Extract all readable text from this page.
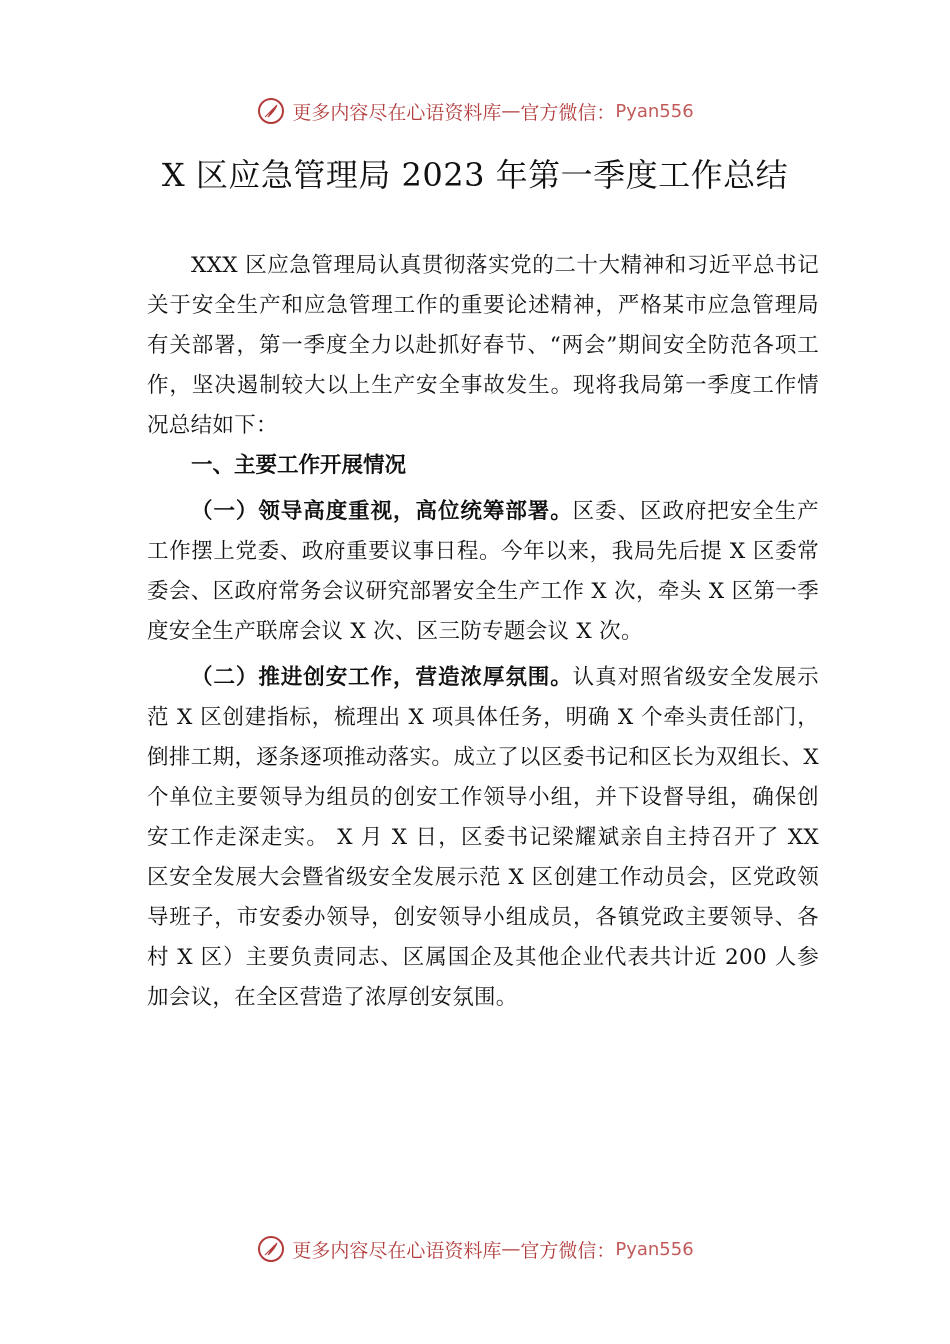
更多内容尽在心语资料库 — 官方微信： Pyan556
X 区应急管理局 2023 年第一季度工作总结

XXX 区应急管理局认真贯彻落实党的二十大精神和习近平总书记关于安全生产和应急管理工作的重要论述精神，严格某市应急管理局有关部署，第一季度全力以赴抓好春节、“两会”期间安全防范各项工作，坚决遏制较大以上生产安全事故发生。现将我局第一季度工作情况总结如下：

一、主要工作开展情况

（一）领导高度重视，高位统筹部署。区委、区政府把安全生产工作摆上党委、政府重要议事日程。今年以来，我局先后提 X 区委常委会、区政府常务会议研究部署安全生产工作 X 次，牵头 X 区第一季度安全生产联席会议 X 次、区三防专题会议 X 次。

（二）推进创安工作，营造浓厚氛围。认真对照省级安全发展示范 X 区创建指标，梳理出 X 项具体任务，明确 X 个牵头责任部门，倒排工期，逐条逐项推动落实。成立了以区委书记和区长为双组长、X 个单位主要领导为组员的创安工作领导小组，并下设督导组，确保创安工作走深走实。 X 月 X 日，区委书记梁耀斌亲自主持召开了 XX 区安全发展大会暨省级安全发展示范 X 区创建工作动员会，区党政领导班子，市安委办领导，创安领导小组成员，各镇党政主要领导、各村 X 区）主要负责同志、区属国企及其他企业代表共计近 200 人参加会议，在全区营造了浓厚创安氛围。

更多内容尽在心语资料库 — 官方微信： Pyan556
